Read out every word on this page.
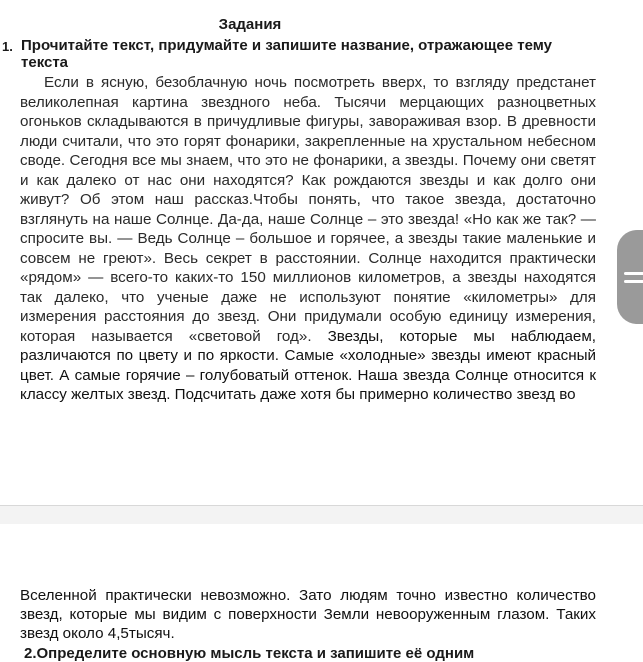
Задания
1. Прочитайте текст, придумайте и запишите название, отражающее тему текста
Если в ясную, безоблачную ночь посмотреть вверх, то взгляду предстанет великолепная картина звездного неба. Тысячи мерцающих разноцветных огоньков складываются в причудливые фигуры, завораживая взор. В древности люди считали, что это горят фонарики, закрепленные на хрустальном небесном своде. Сегодня все мы знаем, что это не фонарики, а звезды. Почему они светят и как далеко от нас они находятся? Как рождаются звезды и как долго они живут? Об этом наш рассказ.Чтобы понять, что такое звезда, достаточно взглянуть на наше Солнце. Да-да, наше Солнце – это звезда! «Но как же так? — спросите вы. — Ведь Солнце – большое и горячее, а звезды такие маленькие и совсем не греют». Весь секрет в расстоянии. Солнце находится практически «рядом» — всего-то каких-то 150 миллионов километров, а звезды находятся так далеко, что ученые даже не используют понятие «километры» для измерения расстояния до звезд. Они придумали особую единицу измерения, которая называется «световой год». Звезды, которые мы наблюдаем, различаются по цвету и по яркости. Самые «холодные» звезды имеют красный цвет. А самые горячие – голубоватый оттенок. Наша звезда Солнце относится к классу желтых звезд. Подсчитать даже хотя бы примерно количество звезд во
Вселенной практически невозможно. Зато людям точно известно количество звезд, которые мы видим с поверхности Земли невооруженным глазом. Таких звезд около 4,5тысяч.
2.Определите основную мысль текста и запишите её одним
